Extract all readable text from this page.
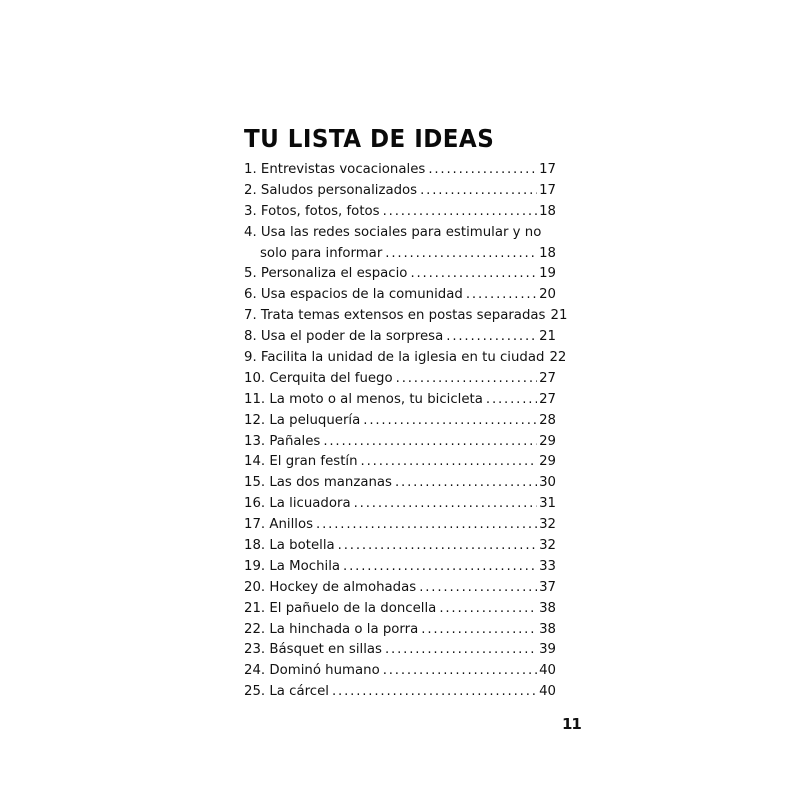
TU LISTA DE IDEAS
1. Entrevistas vocacionales . . .	17
2. Saludos personalizados . . .	17
3. Fotos, fotos, fotos . . .	18
4. Usa las redes sociales para estimular y no
solo para informar . . .	18
5. Personaliza el espacio . . .	19
6. Usa espacios de la comunidad . . .	20
7. Trata temas extensos en postas separadas 21
8. Usa el poder de la sorpresa . . .	21
9. Facilita la unidad de la iglesia en tu ciudad 22
10. Cerquita del fuego . . .	27
11. La moto o al menos, tu bicicleta . . .	27
12. La peluquería . . .	28
13. Pañales . . .	29
14. El gran festín . . .	29
15. Las dos manzanas . . .	30
16. La licuadora . . .	31
17. Anillos . . .	32
18. La botella . . .	32
19. La Mochila . . .	33
20. Hockey de almohadas . . .	37
21. El pañuelo de la doncella . . .	38
22. La hinchada o la porra . . .	38
23. Básquet en sillas . . .	39
24. Dominó humano . . .	40
25. La cárcel . . .	40
11
